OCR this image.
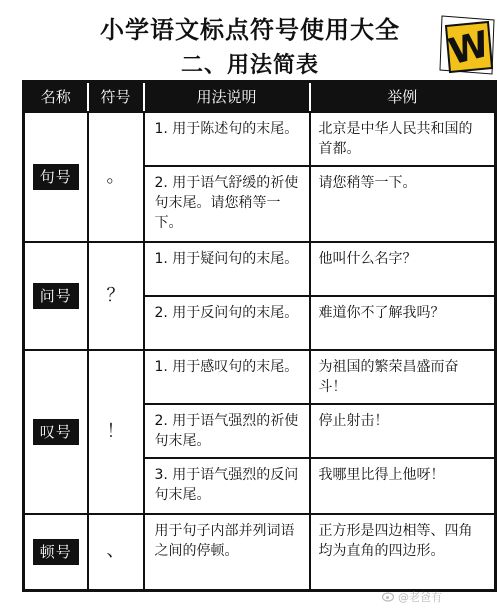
小学语文标点符号使用大全
二、用法简表	W
名称	符号	用法说明	举例
句号	。	1. 用于陈述句的末尾。	北京是中华人民共和国的首都。
		2. 用于语气舒缓的祈使句末尾。请您稍等一下。	请您稍等一下。
问号	？	1. 用于疑问句的末尾。	他叫什么名字？
		2. 用于反问句的末尾。	难道你不了解我吗？
叹号	！	1. 用于感叹句的末尾。	为祖国的繁荣昌盛而奋斗！
		2. 用于语气强烈的祈使句末尾。	停止射击！
		3. 用于语气强烈的反问句末尾。	我哪里比得上他呀！
顿号	、	用于句子内部并列词语之间的停顿。	正方形是四边相等、四角均为直角的四边形。
@老爸有
